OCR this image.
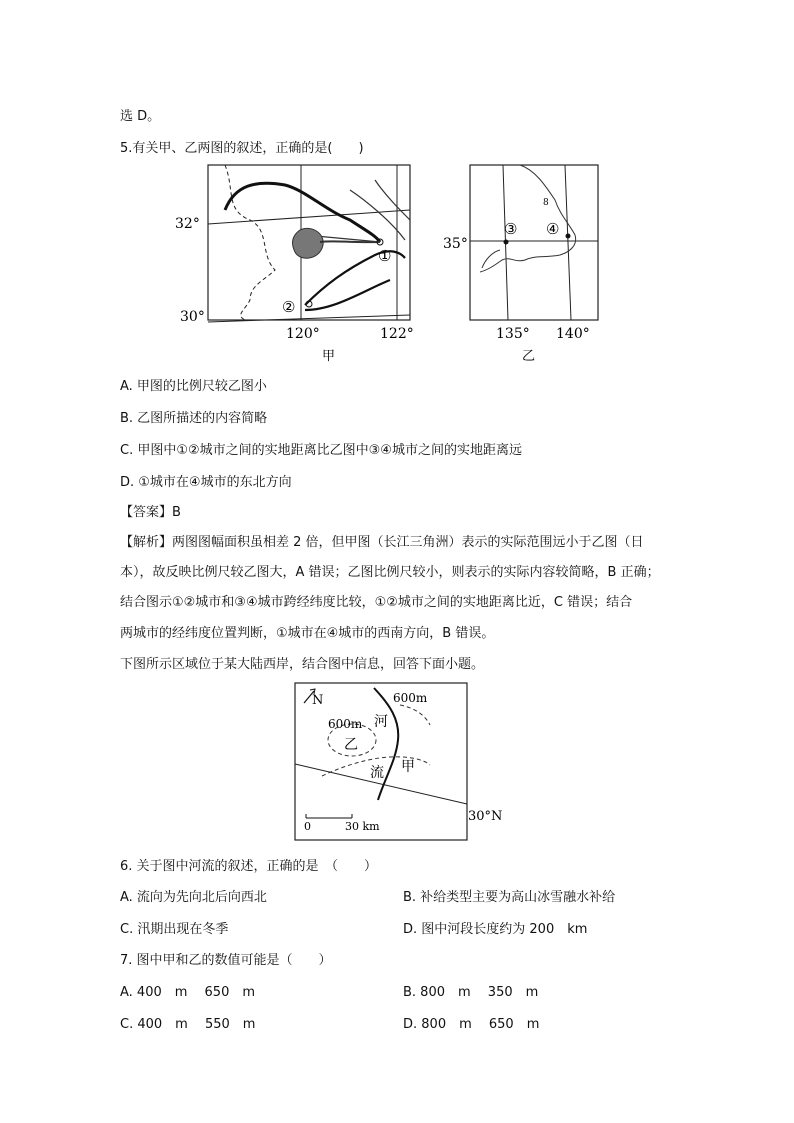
选 D。
5.有关甲、乙两图的叙述，正确的是(　　)
32°
30°
120°	122°
①
②
甲
35°
135° 140°
③ ④
8
乙
A. 甲图的比例尺较乙图小
B. 乙图所描述的内容简略
C. 甲图中①②城市之间的实地距离比乙图中③④城市之间的实地距离远
D. ①城市在④城市的东北方向
【答案】B
【解析】两图图幅面积虽相差 2 倍，但甲图（长江三角洲）表示的实际范围远小于乙图（日
本），故反映比例尺较乙图大，A 错误；乙图比例尺较小，则表示的实际内容较简略，B 正确；
结合图示①②城市和③④城市跨经纬度比较，①②城市之间的实地距离比近，C 错误；结合
两城市的经纬度位置判断，①城市在④城市的西南方向，B 错误。
下图所示区域位于某大陆西岸，结合图中信息，回答下面小题。
N	600m
600m 河
乙
流 甲
30°N
0	30 km
6. 关于图中河流的叙述，正确的是　（　　）
A. 流向为先向北后向西北	B. 补给类型主要为高山冰雪融水补给
C. 汛期出现在冬季	D. 图中河段长度约为 200　km
7. 图中甲和乙的数值可能是（　　）
A. 400　m　 650　m	B. 800　m　 350　m
C. 400　m　 550　m	D. 800　m　 650　m
